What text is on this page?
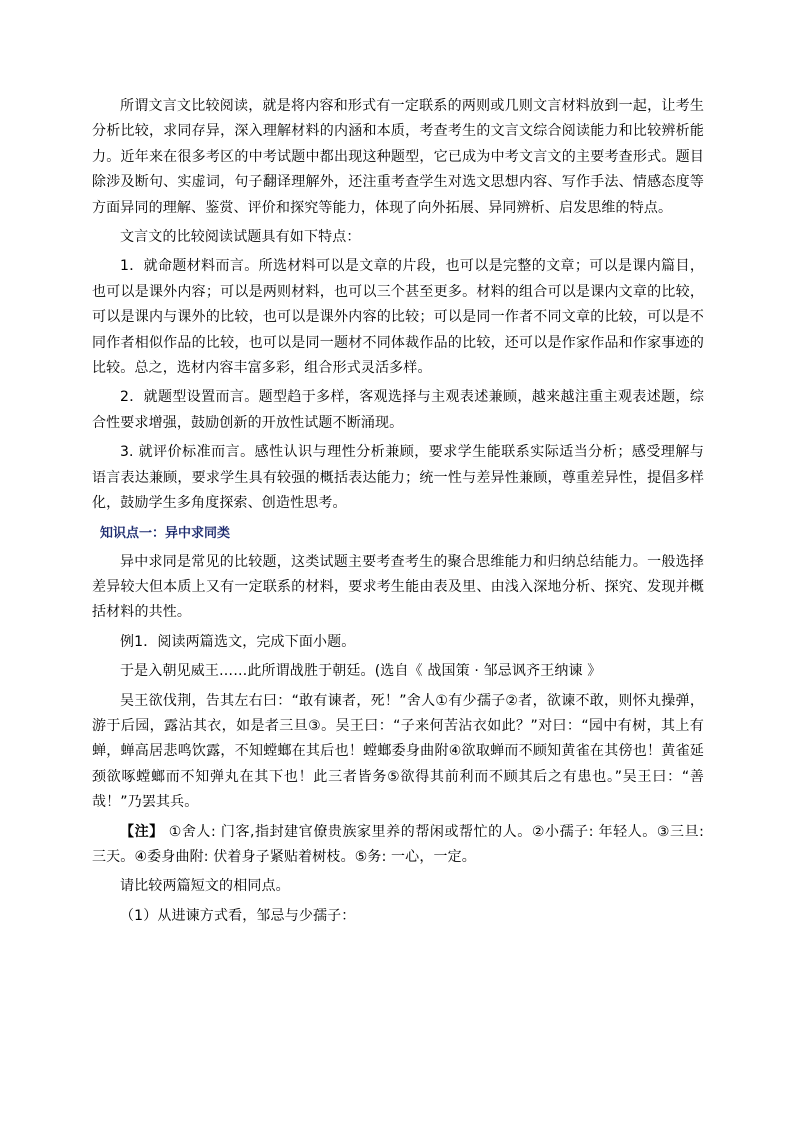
所谓文言文比较阅读，就是将内容和形式有一定联系的两则或几则文言材料放到一起，让考生分析比较，求同存异，深入理解材料的内涵和本质，考查考生的文言文综合阅读能力和比较辨析能力。近年来在很多考区的中考试题中都出现这种题型，它已成为中考文言文的主要考查形式。题目除涉及断句、实虚词，句子翻译理解外，还注重考查学生对选文思想内容、写作手法、情感态度等方面异同的理解、鉴赏、评价和探究等能力，体现了向外拓展、异同辨析、启发思维的特点。

文言文的比较阅读试题具有如下特点：

1．就命题材料而言。所选材料可以是文章的片段，也可以是完整的文章；可以是课内篇目，也可以是课外内容；可以是两则材料，也可以三个甚至更多。材料的组合可以是课内文章的比较，可以是课内与课外的比较，也可以是课外内容的比较；可以是同一作者不同文章的比较，可以是不同作者相似作品的比较，也可以是同一题材不同体裁作品的比较，还可以是作家作品和作家事迹的比较。总之，选材内容丰富多彩，组合形式灵活多样。

2．就题型设置而言。题型趋于多样，客观选择与主观表述兼顾，越来越注重主观表述题，综合性要求增强，鼓励创新的开放性试题不断涌现。

3. 就评价标准而言。感性认识与理性分析兼顾，要求学生能联系实际适当分析；感受理解与语言表达兼顾，要求学生具有较强的概括表达能力；统一性与差异性兼顾，尊重差异性，提倡多样化，鼓励学生多角度探索、创造性思考。

知识点一：异中求同类

异中求同是常见的比较题，这类试题主要考查考生的聚合思维能力和归纳总结能力。一般选择差异较大但本质上又有一定联系的材料，要求考生能由表及里、由浅入深地分析、探究、发现并概括材料的共性。

例1．阅读两篇选文，完成下面小题。

于是入朝见威王……此所谓战胜于朝廷。(选自《 战国策 · 邹忌讽齐王纳谏 》

吴王欲伐荆，告其左右曰：“敢有谏者，死！”舍人①有少孺子②者，欲谏不敢，则怀丸操弹，游于后园，露沾其衣，如是者三旦③。吴王曰：“子来何苦沾衣如此？”对曰：“园中有树，其上有蝉，蝉高居悲鸣饮露，不知螳螂在其后也！螳螂委身曲附④欲取蝉而不顾知黄雀在其傍也！黄雀延颈欲啄螳螂而不知弹丸在其下也！此三者皆务⑤欲得其前利而不顾其后之有患也。”吴王曰：“善哉！”乃罢其兵。

【注】 ①舍人: 门客,指封建官僚贵族家里养的帮闲或帮忙的人。②小孺子: 年轻人。③三旦: 三天。④委身曲附: 伏着身子紧贴着树枝。⑤务: 一心，一定。

请比较两篇短文的相同点。

（1）从进谏方式看，邹忌与少孺子：
